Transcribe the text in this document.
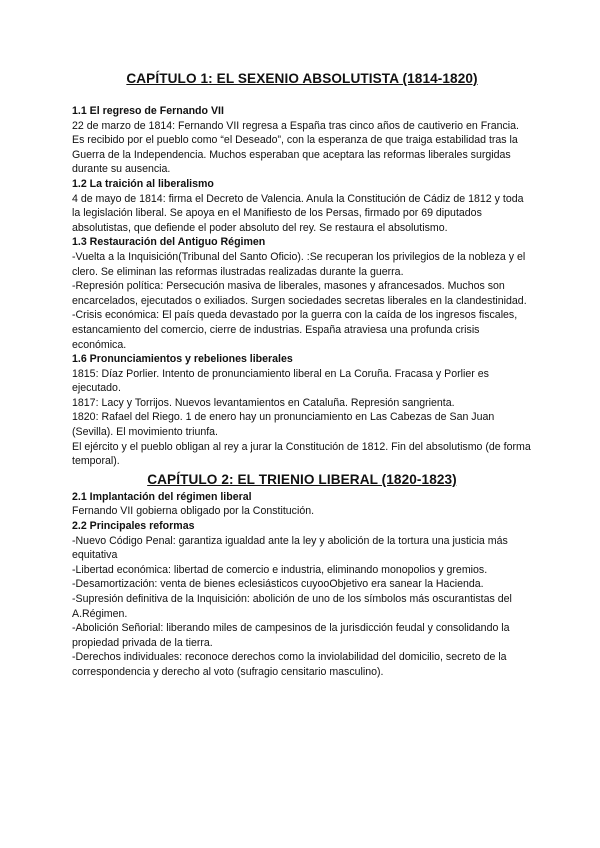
CAPÍTULO 1: EL SEXENIO ABSOLUTISTA (1814-1820)
1.1 El regreso de Fernando VII

22 de marzo de 1814: Fernando VII regresa a España tras cinco años de cautiverio en Francia. Es recibido por el pueblo como “el Deseado”, con la esperanza de que traiga estabilidad tras la Guerra de la Independencia. Muchos esperaban que aceptara las reformas liberales surgidas durante su ausencia.

1.2 La traición al liberalismo

4 de mayo de 1814: firma el Decreto de Valencia. Anula la Constitución de Cádiz de 1812 y toda la legislación liberal. Se apoya en el Manifiesto de los Persas, firmado por 69 diputados absolutistas, que defiende el poder absoluto del rey. Se restaura el absolutismo.

1.3 Restauración del Antiguo Régimen

-Vuelta a la Inquisición(Tribunal del Santo Oficio). :Se recuperan los privilegios de la nobleza y el clero. Se eliminan las reformas ilustradas realizadas durante la guerra.

-Represión política: Persecución masiva de liberales, masones y afrancesados. Muchos son encarcelados, ejecutados o exiliados. Surgen sociedades secretas liberales en la clandestinidad.

-Crisis económica: El país queda devastado por la guerra con la caída de los ingresos fiscales, estancamiento del comercio, cierre de industrias. España atraviesa una profunda crisis económica.

1.6 Pronunciamientos y rebeliones liberales

1815: Díaz Porlier. Intento de pronunciamiento liberal en La Coruña. Fracasa y Porlier es ejecutado.

1817: Lacy y Torrijos. Nuevos levantamientos en Cataluña. Represión sangrienta.

1820: Rafael del Riego. 1 de enero hay un pronunciamiento en Las Cabezas de San Juan (Sevilla). El movimiento triunfa.

El ejército y el pueblo obligan al rey a jurar la Constitución de 1812. Fin del absolutismo (de forma temporal).

CAPÍTULO 2: EL TRIENIO LIBERAL (1820-1823)
2.1 Implantación del régimen liberal

Fernando VII gobierna obligado por la Constitución.

2.2 Principales reformas

-Nuevo Código Penal: garantiza igualdad ante la ley y abolición de la tortura una justicia más equitativa

-Libertad económica: libertad de comercio e industria, eliminando monopolios y gremios.

-Desamortización: venta de bienes eclesiásticos cuyooObjetivo era sanear la Hacienda.

-Supresión definitiva de la Inquisición: abolición de uno de los símbolos más oscurantistas del A.Régimen.

-Abolición Señorial: liberando miles de campesinos de la jurisdicción feudal y consolidando la propiedad privada de la tierra.

-Derechos individuales: reconoce derechos como la inviolabilidad del domicilio, secreto de la correspondencia y derecho al voto (sufragio censitario masculino).
